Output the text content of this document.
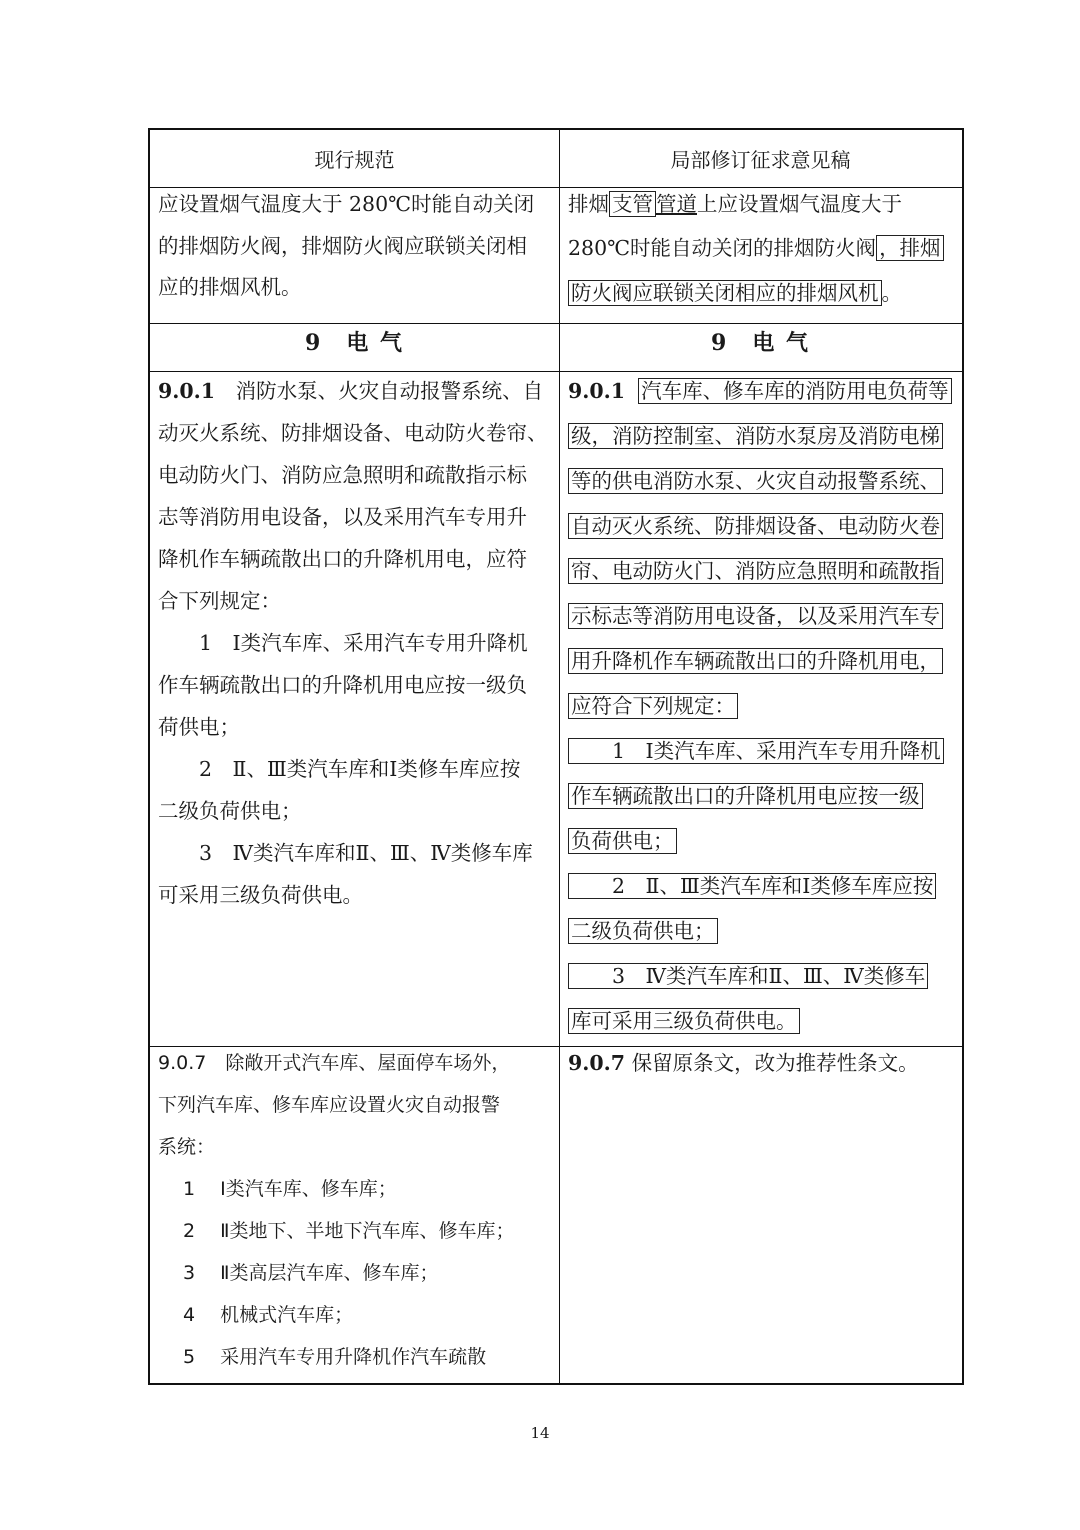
现行规范	局部修订征求意见稿
应设置烟气温度大于 280℃时能自动关闭
的排烟防火阀，排烟防火阀应联锁关闭相
应的排烟风机。
排烟 支管 管道上应设置烟气温度大于
280℃时能自动关闭的排烟防火阀 ，排烟
防火阀应联锁关闭相应的排烟风机 。
9　电 气	9　电 气
9.0.1　消防水泵、火灾自动报警系统、自
动灭火系统、防排烟设备、电动防火卷帘、
电动防火门、消防应急照明和疏散指示标
志等消防用电设备，以及采用汽车专用升
降机作车辆疏散出口的升降机用电，应符
合下列规定：
　　1　Ⅰ类汽车库、采用汽车专用升降机
作车辆疏散出口的升降机用电应按一级负
荷供电；
　　2　Ⅱ、Ⅲ类汽车库和Ⅰ类修车库应按
二级负荷供电；
　　3　Ⅳ类汽车库和Ⅱ、Ⅲ、Ⅳ类修车库
可采用三级负荷供电。
9.0.1 汽车库、修车库的消防用电负荷等
级，消防控制室、消防水泵房及消防电梯
等的供电消防水泵、火灾自动报警系统、
自动灭火系统、防排烟设备、电动防火卷
帘、电动防火门、消防应急照明和疏散指
示标志等消防用电设备，以及采用汽车专
用升降机作车辆疏散出口的升降机用电，
应符合下列规定：
　　1　Ⅰ类汽车库、采用汽车专用升降机
作车辆疏散出口的升降机用电应按一级
负荷供电；
　　2　Ⅱ、Ⅲ类汽车库和Ⅰ类修车库应按
二级负荷供电；
　　3　Ⅳ类汽车库和Ⅱ、Ⅲ、Ⅳ类修车
库可采用三级负荷供电。
9.0.7　除敞开式汽车库、屋面停车场外，
下列汽车库、修车库应设置火灾自动报警
系统：
　 1　 Ⅰ类汽车库、修车库；
　 2　 Ⅱ类地下、半地下汽车库、修车库；
　 3　 Ⅱ类高层汽车库、修车库；
　 4　 机械式汽车库；
　 5　 采用汽车专用升降机作汽车疏散
9.0.7 保留原条文，改为推荐性条文。
14
